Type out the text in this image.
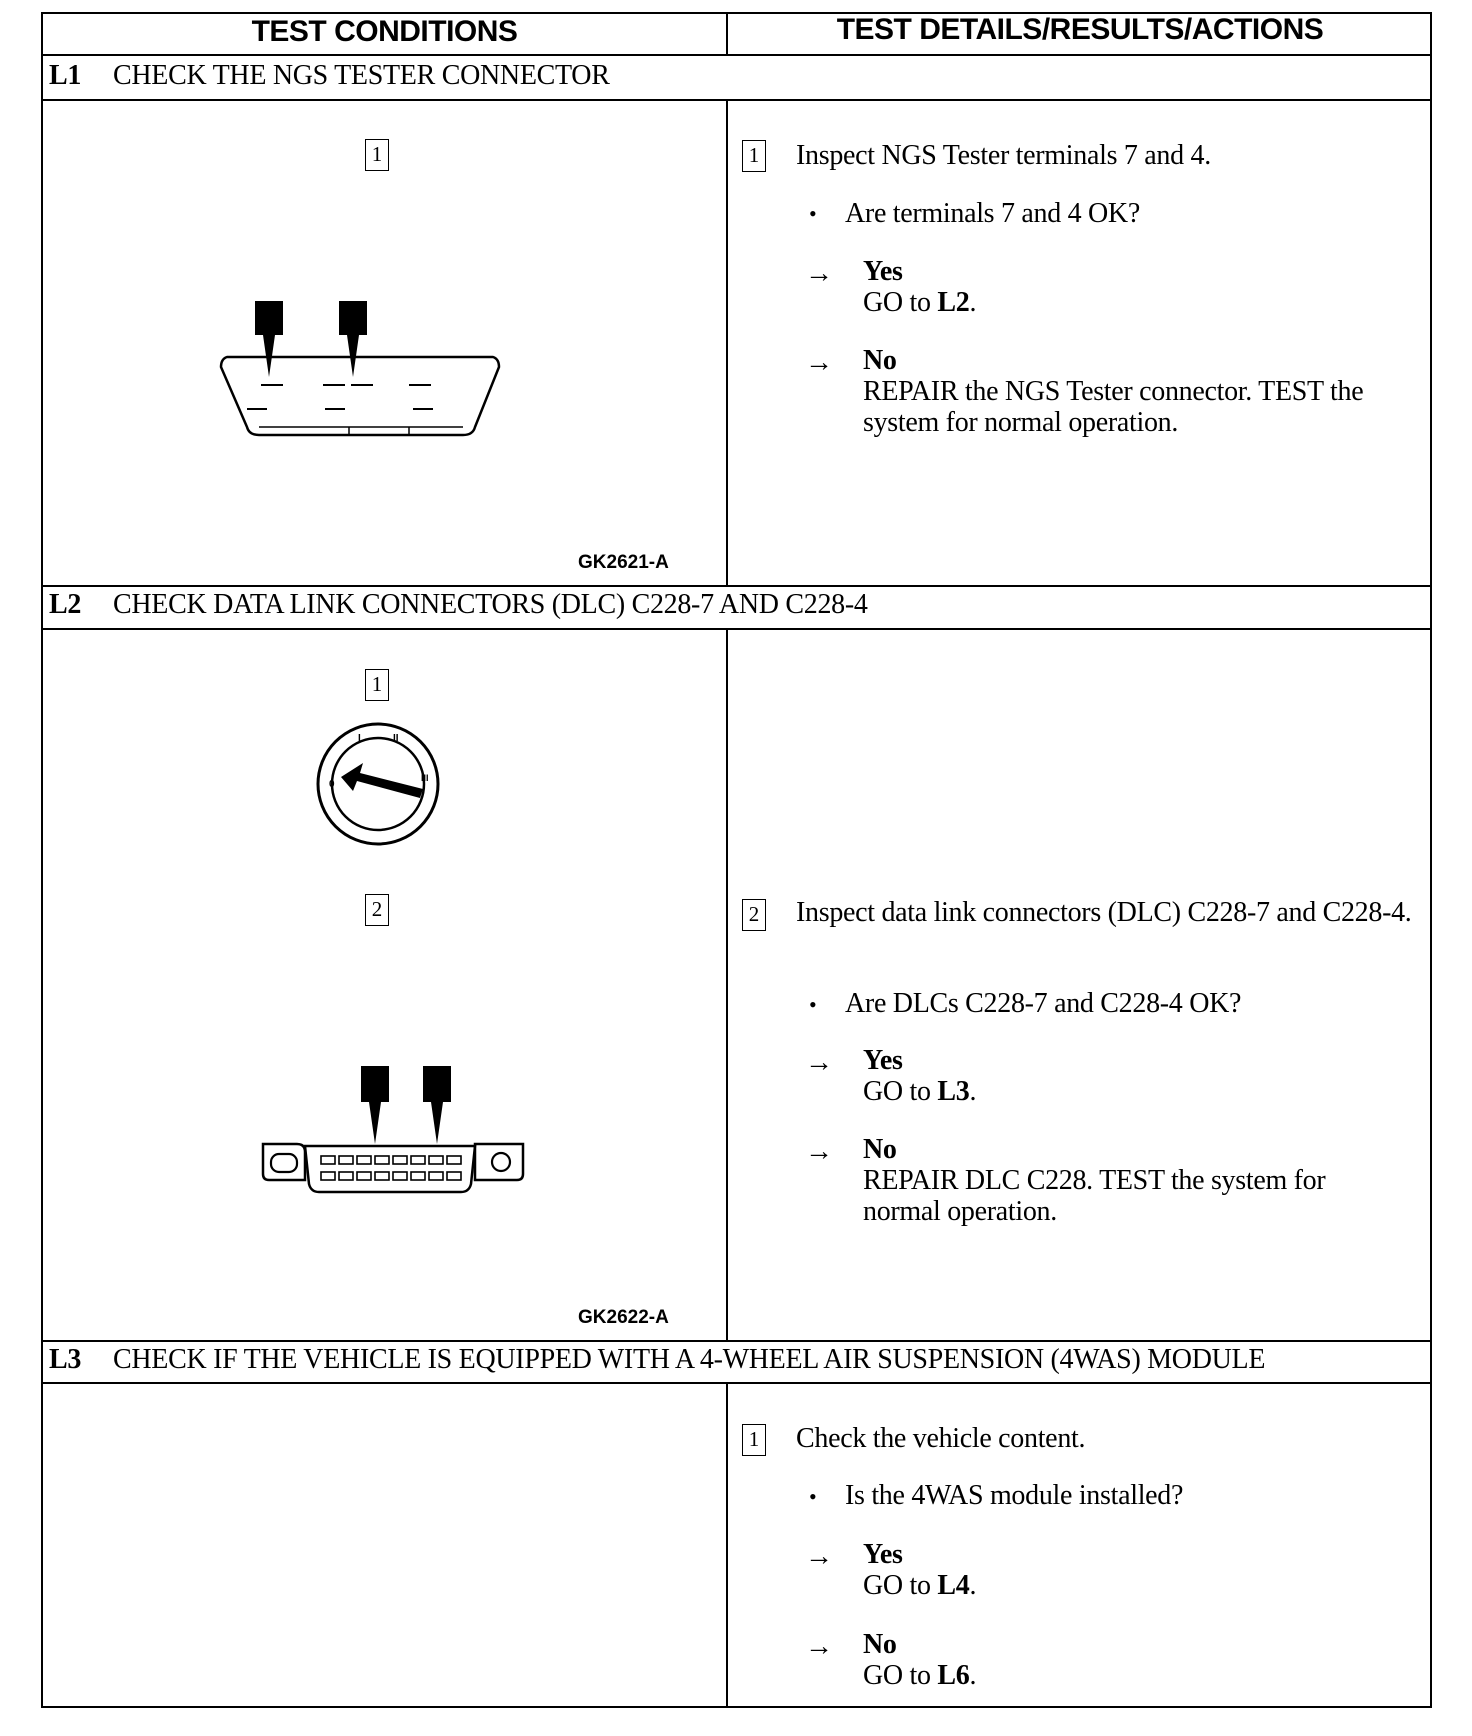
TEST CONDITIONS	TEST DETAILS/RESULTS/ACTIONS
L1 CHECK THE NGS TESTER CONNECTOR
1
GK2621-A
1 Inspect NGS Tester terminals 7 and 4.
• Are terminals 7 and 4 OK?
→ Yes
GO to L2.
→ No
REPAIR the NGS Tester connector. TEST the system for normal operation.
L2 CHECK DATA LINK CONNECTORS (DLC) C228-7 AND C228-4
1
0
I	II
III
2
GK2622-A
2 Inspect data link connectors (DLC) C228-7 and C228-4.
• Are DLCs C228-7 and C228-4 OK?
→ Yes
GO to L3.
→ No
REPAIR DLC C228. TEST the system for normal operation.
L3 CHECK IF THE VEHICLE IS EQUIPPED WITH A 4-WHEEL AIR SUSPENSION (4WAS) MODULE
1 Check the vehicle content.
• Is the 4WAS module installed?
→ Yes
GO to L4.
→ No
GO to L6.
